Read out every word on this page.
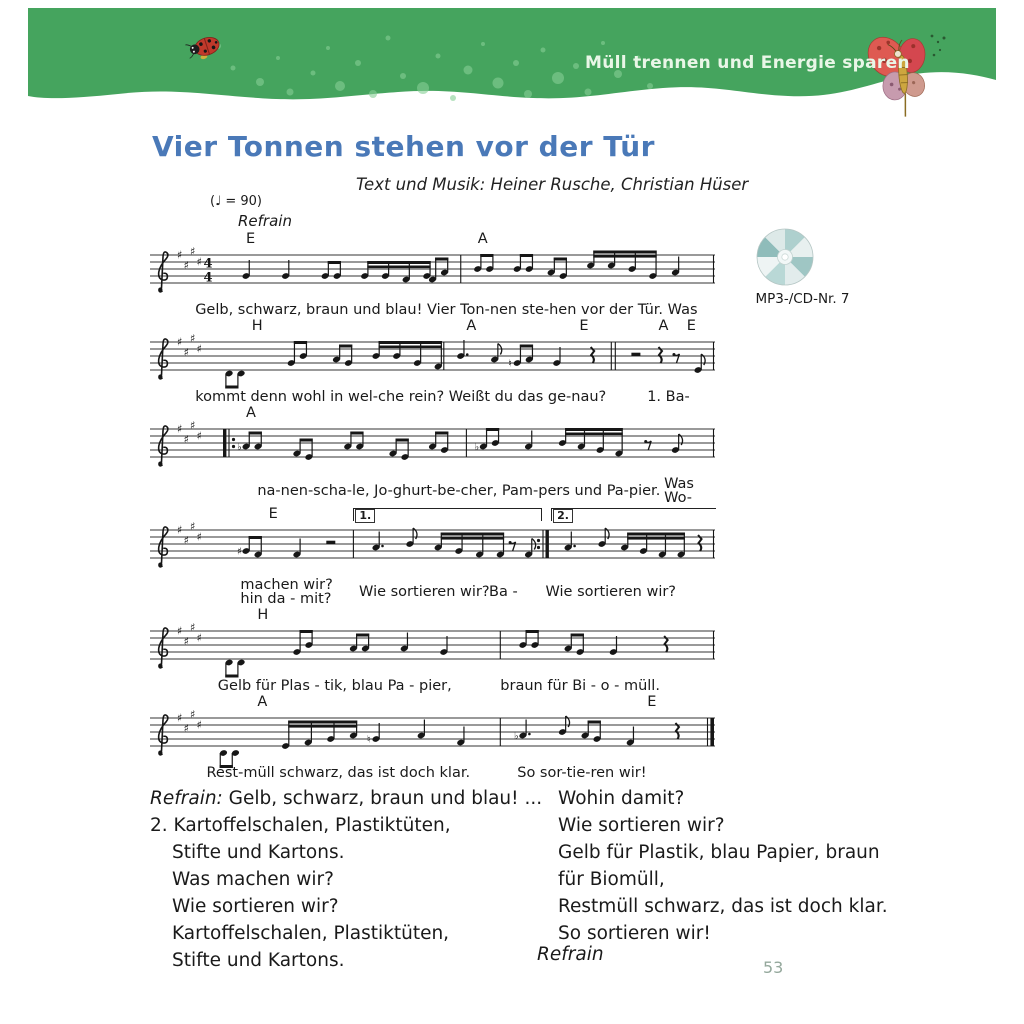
Müll trennen und Energie sparen
Vier Tonnen stehen vor der Tür
Text und Musik: Heiner Rusche, Christian Hüser
(♩ = 90)
Refrain
E	A
♯
♯
♯
♯ 4
4
Gelb, schwarz, braun und blau! Vier Ton-nen ste-hen vor der Tür. Was
H	A	E	A E
♯
♯
♯
♯
♮
kommt denn wohl in wel-che rein? Weißt du das ge-nau?	1. Ba-
A
♯
♯
♯
♯
♭	♭
na-nen-scha-le, Jo-ghurt-be-cher, Pam-pers und Pa-pier. Was
Wo-
E	1.	2.
♯
♯
♯
♯
♯
machen wir?
hin da - mit? Wie sortieren wir? Ba - Wie sortieren wir?
H
♯
♯
♯
♯
Gelb für Plas - tik, blau Pa - pier,	braun für Bi - o - müll.
A	E
♯
♯
♯
♯
♮	♭
Rest-müll schwarz, das ist doch klar.	So sor-tie-ren wir!
MP3-/CD-Nr. 7
Refrain: Gelb, schwarz, braun und blau! ...
2. Kartoffelschalen, Plastiktüten,
Stifte und Kartons.
Was machen wir?
Wie sortieren wir?
Kartoffelschalen, Plastiktüten,
Stifte und Kartons.
Wohin damit?
Wie sortieren wir?
Gelb für Plastik, blau Papier, braun
für Biomüll,
Restmüll schwarz, das ist doch klar.
So sortieren wir!
Refrain
53
